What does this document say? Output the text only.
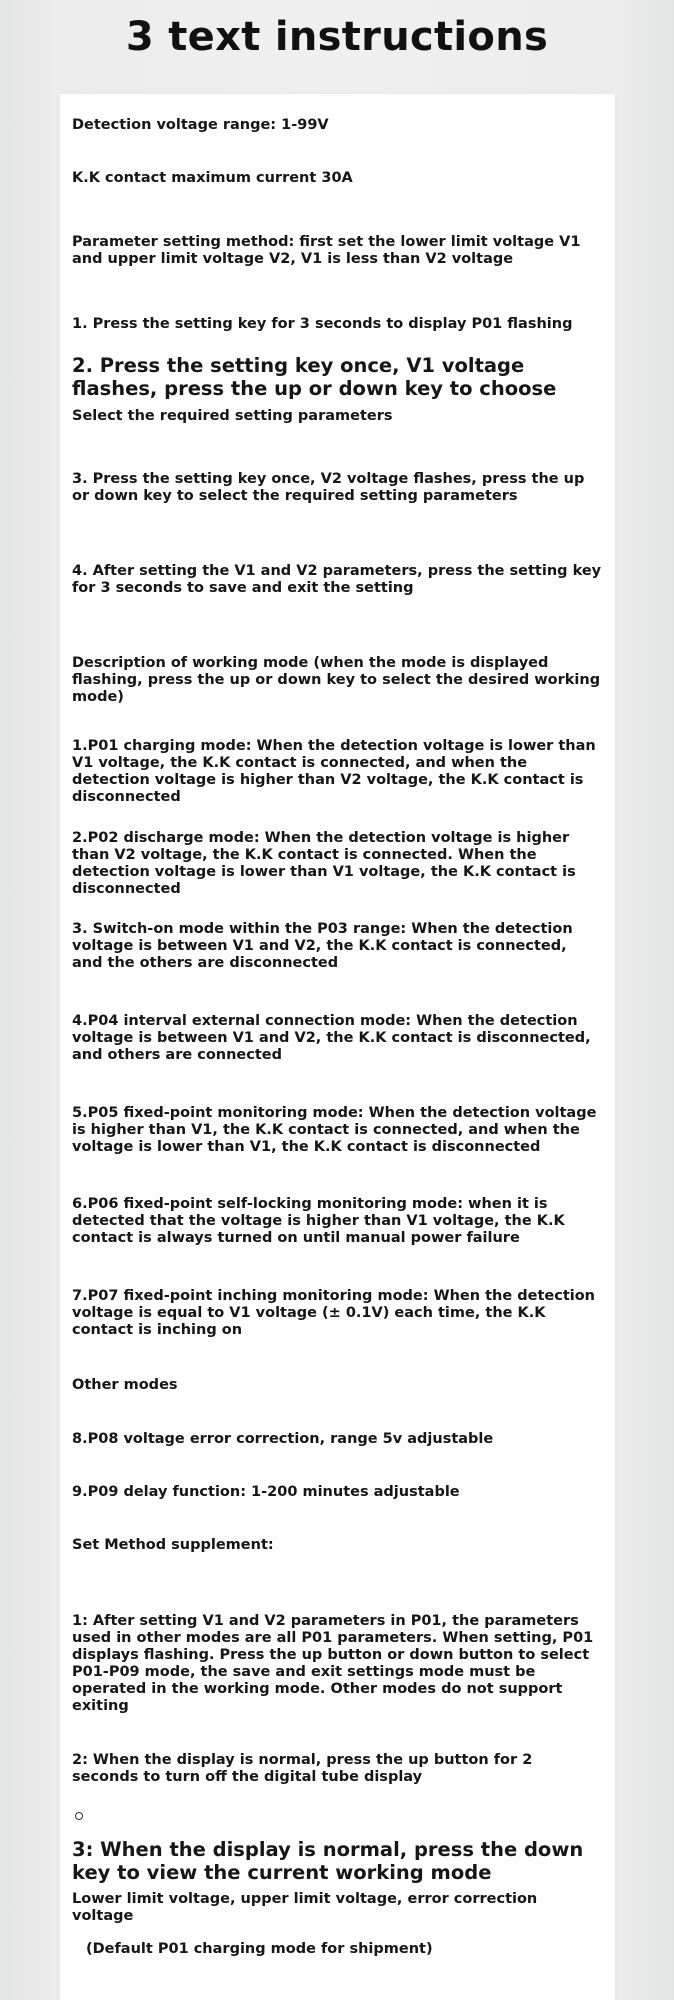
3 text instructions

Detection voltage range: 1-99V

K.K contact maximum current 30A

Parameter setting method: first set the lower limit voltage V1 and upper limit voltage V2, V1 is less than V2 voltage

1. Press the setting key for 3 seconds to display P01 flashing

2. Press the setting key once, V1 voltage flashes, press the up or down key to choose

Select the required setting parameters

3. Press the setting key once, V2 voltage flashes, press the up or down key to select the required setting parameters

4. After setting the V1 and V2 parameters, press the setting key for 3 seconds to save and exit the setting

Description of working mode (when the mode is displayed flashing, press the up or down key to select the desired working mode)

1.P01 charging mode: When the detection voltage is lower than V1 voltage, the K.K contact is connected, and when the detection voltage is higher than V2 voltage, the K.K contact is disconnected

2.P02 discharge mode: When the detection voltage is higher than V2 voltage, the K.K contact is connected. When the detection voltage is lower than V1 voltage, the K.K contact is disconnected

3. Switch-on mode within the P03 range: When the detection voltage is between V1 and V2, the K.K contact is connected, and the others are disconnected

4.P04 interval external connection mode: When the detection voltage is between V1 and V2, the K.K contact is disconnected, and others are connected

5.P05 fixed-point monitoring mode: When the detection voltage is higher than V1, the K.K contact is connected, and when the voltage is lower than V1, the K.K contact is disconnected

6.P06 fixed-point self-locking monitoring mode: when it is detected that the voltage is higher than V1 voltage, the K.K contact is always turned on until manual power failure

7.P07 fixed-point inching monitoring mode: When the detection voltage is equal to V1 voltage (± 0.1V) each time, the K.K contact is inching on

Other modes

8.P08 voltage error correction, range 5v adjustable

9.P09 delay function: 1-200 minutes adjustable

Set Method supplement:

1: After setting V1 and V2 parameters in P01, the parameters used in other modes are all P01 parameters. When setting, P01 displays flashing. Press the up button or down button to select P01-P09 mode, the save and exit settings mode must be operated in the working mode. Other modes do not support exiting

2: When the display is normal, press the up button for 2 seconds to turn off the digital tube display

3: When the display is normal, press the down key to view the current working mode

Lower limit voltage, upper limit voltage, error correction voltage

(Default P01 charging mode for shipment)
